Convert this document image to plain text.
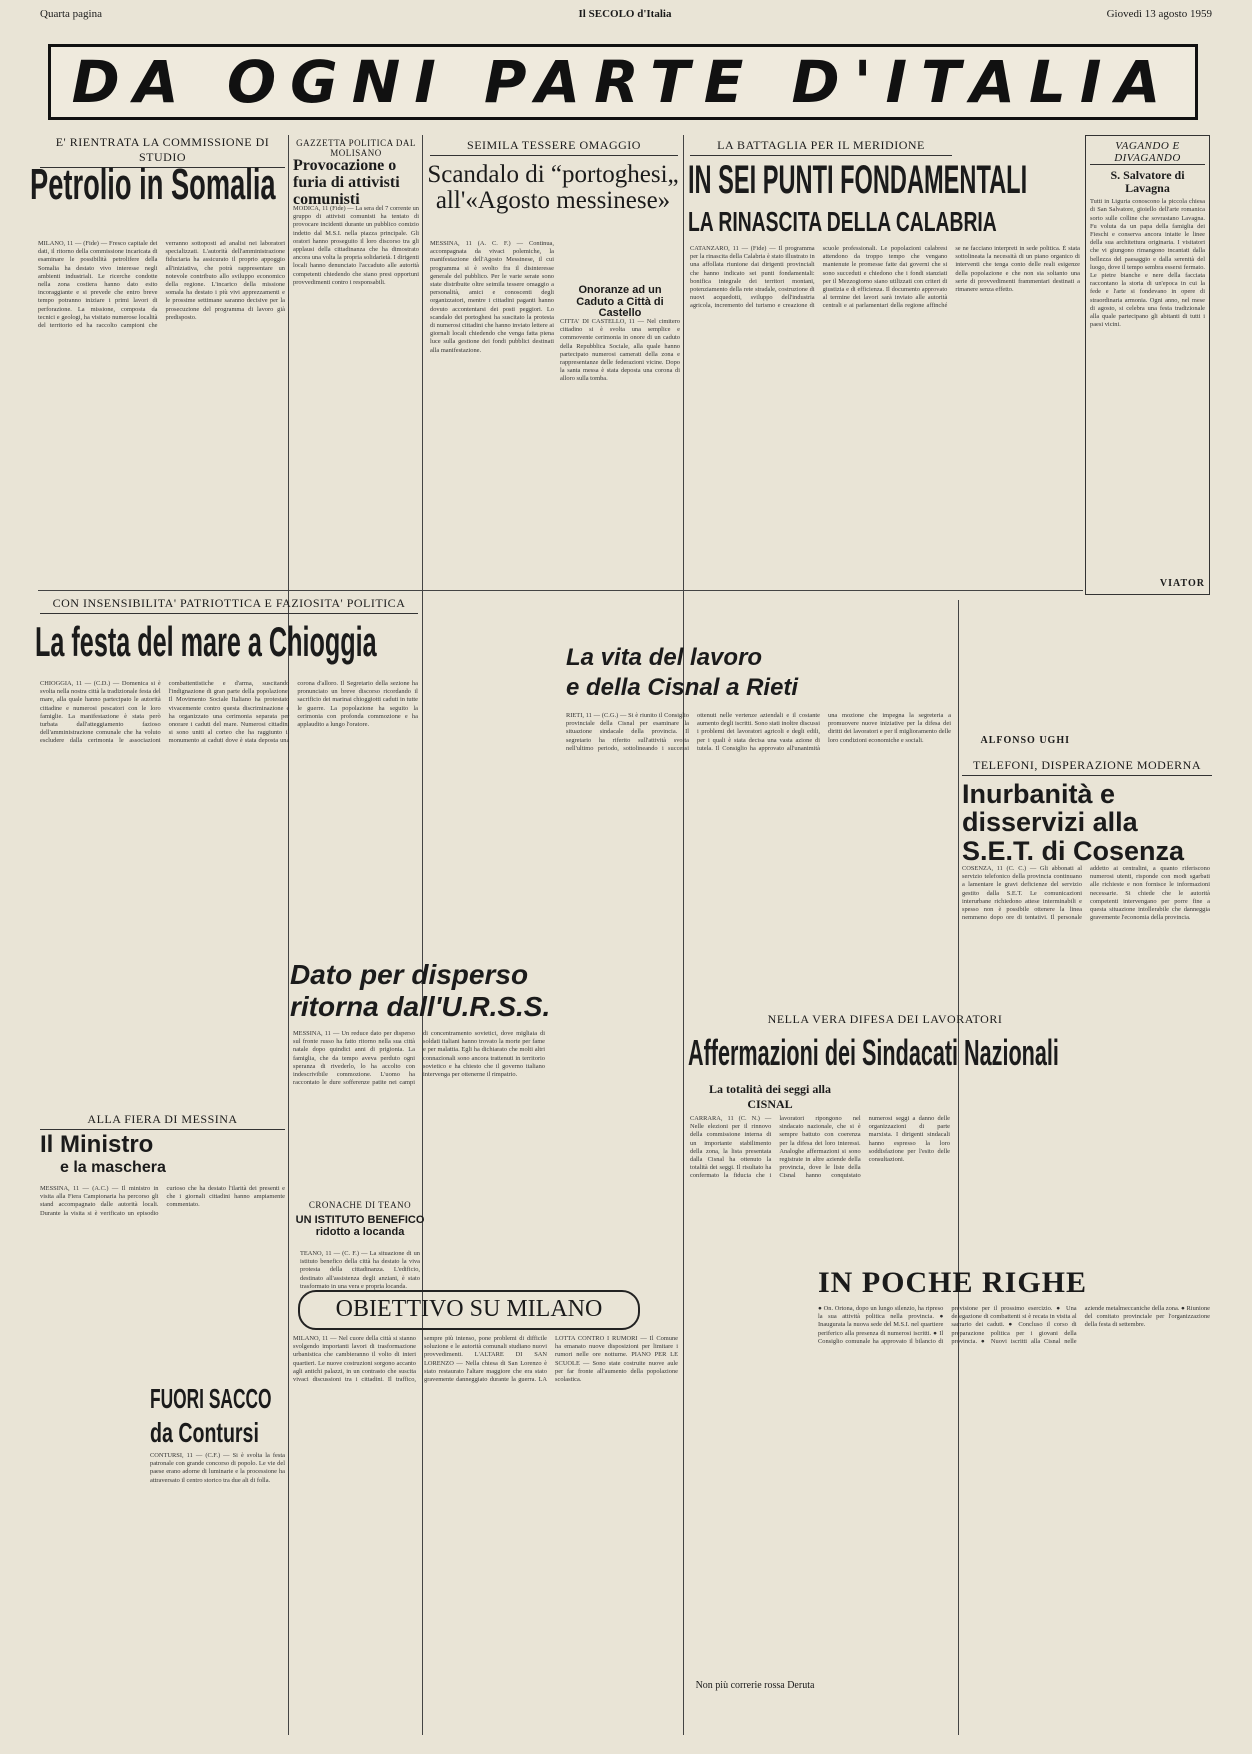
Quarta pagina	Il SECOLO d'Italia	Giovedì 13 agosto 1959
DA OGNI PARTE D'ITALIA
E' RIENTRATA LA COMMISSIONE DI STUDIO
Petrolio in Somalia
MILANO, 11 — (Fide) — Fresco capitale dei dati, il ritorno della commissione incaricata di esaminare le possibilità petrolifere della Somalia ha destato vivo interesse negli ambienti industriali. Le ricerche condotte nella zona costiera hanno dato esito incoraggiante e si prevede che entro breve tempo potranno iniziare i primi lavori di perforazione. La missione, composta da tecnici e geologi, ha visitato numerose località del territorio ed ha raccolto campioni che verranno sottoposti ad analisi nei laboratori specializzati. L'autorità dell'amministrazione fiduciaria ha assicurato il proprio appoggio all'iniziativa, che potrà rappresentare un notevole contributo allo sviluppo economico della regione. L'incarico della missione somala ha destato i più vivi apprezzamenti e le prossime settimane saranno decisive per la prosecuzione del programma di lavoro già predisposto.
GAZZETTA POLITICA DAL MOLISANO
Provocazione o furia di attivisti comunisti
MODICA, 11 (Fide) — La sera del 7 corrente un gruppo di attivisti comunisti ha tentato di provocare incidenti durante un pubblico comizio indetto dal M.S.I. nella piazza principale. Gli oratori hanno proseguito il loro discorso tra gli applausi della cittadinanza che ha dimostrato ancora una volta la propria solidarietà. I dirigenti locali hanno denunciato l'accaduto alle autorità competenti chiedendo che siano presi opportuni provvedimenti contro i responsabili.
SEIMILA TESSERE OMAGGIO
Scandalo di “portoghesi„ all'«Agosto messinese»
MESSINA, 11 (A. C. F.) — Continua, accompagnata da vivaci polemiche, la manifestazione dell'Agosto Messinese, il cui programma si è svolto fra il disinteresse generale del pubblico. Per le varie serate sono state distribuite oltre seimila tessere omaggio a personalità, amici e conoscenti degli organizzatori, mentre i cittadini paganti hanno dovuto accontentarsi dei posti peggiori. Lo scandalo dei portoghesi ha suscitato la protesta di numerosi cittadini che hanno inviato lettere ai giornali locali chiedendo che venga fatta piena luce sulla gestione dei fondi pubblici destinati alla manifestazione.
Onoranze ad un Caduto a Città di Castello
CITTA' DI CASTELLO, 11 — Nel cimitero cittadino si è svolta una semplice e commovente cerimonia in onore di un caduto della Repubblica Sociale, alla quale hanno partecipato numerosi camerati della zona e rappresentanze delle federazioni vicine. Dopo la santa messa è stata deposta una corona di alloro sulla tomba.
LA BATTAGLIA PER IL MERIDIONE
IN SEI PUNTI FONDAMENTALI
LA RINASCITA DELLA CALABRIA
CATANZARO, 11 — (Fide) — Il programma per la rinascita della Calabria è stato illustrato in una affollata riunione dai dirigenti provinciali che hanno indicato sei punti fondamentali: bonifica integrale dei territori montani, potenziamento della rete stradale, costruzione di nuovi acquedotti, sviluppo dell'industria agricola, incremento del turismo e creazione di scuole professionali. Le popolazioni calabresi attendono da troppo tempo che vengano mantenute le promesse fatte dai governi che si sono succeduti e chiedono che i fondi stanziati per il Mezzogiorno siano utilizzati con criteri di giustizia e di efficienza. Il documento approvato al termine dei lavori sarà inviato alle autorità centrali e ai parlamentari della regione affinché se ne facciano interpreti in sede politica. È stata sottolineata la necessità di un piano organico di interventi che tenga conto delle reali esigenze della popolazione e che non sia soltanto una serie di provvedimenti frammentari destinati a rimanere senza effetto.
VAGANDO E DIVAGANDO
S. Salvatore di Lavagna
Tutti in Liguria conoscono la piccola chiesa di San Salvatore, gioiello dell'arte romanica sorto sulle colline che sovrastano Lavagna. Fu voluta da un papa della famiglia dei Fieschi e conserva ancora intatte le linee della sua architettura originaria. I visitatori che vi giungono rimangono incantati dalla bellezza del paesaggio e dalla serenità del luogo, dove il tempo sembra essersi fermato. Le pietre bianche e nere della facciata raccontano la storia di un'epoca in cui la fede e l'arte si fondevano in opere di straordinaria armonia. Ogni anno, nel mese di agosto, si celebra una festa tradizionale alla quale partecipano gli abitanti di tutti i paesi vicini.
VIATOR
ALFONSO UGHI
CON INSENSIBILITA' PATRIOTTICA E FAZIOSITA' POLITICA
La festa del mare a Chioggia
CHIOGGIA, 11 — (C.D.) — Domenica si è svolta nella nostra città la tradizionale festa del mare, alla quale hanno partecipato le autorità cittadine e numerosi pescatori con le loro famiglie. La manifestazione è stata però turbata dall'atteggiamento fazioso dell'amministrazione comunale che ha voluto escludere dalla cerimonia le associazioni combattentistiche e d'arma, suscitando l'indignazione di gran parte della popolazione. Il Movimento Sociale Italiano ha protestato vivacemente contro questa discriminazione e ha organizzato una cerimonia separata per onorare i caduti del mare. Numerosi cittadini si sono uniti al corteo che ha raggiunto il monumento ai caduti dove è stata deposta una corona d'alloro. Il Segretario della sezione ha pronunciato un breve discorso ricordando il sacrificio dei marinai chioggiotti caduti in tutte le guerre. La popolazione ha seguito la cerimonia con profonda commozione e ha applaudito a lungo l'oratore.
La vita del lavoro
e della Cisnal a Rieti
RIETI, 11 — (C.G.) — Si è riunito il Consiglio provinciale della Cisnal per esaminare la situazione sindacale della provincia. Il segretario ha riferito sull'attività svolta nell'ultimo periodo, sottolineando i successi ottenuti nelle vertenze aziendali e il costante aumento degli iscritti. Sono stati inoltre discussi i problemi dei lavoratori agricoli e degli edili, per i quali è stata decisa una vasta azione di tutela. Il Consiglio ha approvato all'unanimità una mozione che impegna la segreteria a promuovere nuove iniziative per la difesa dei diritti dei lavoratori e per il miglioramento delle loro condizioni economiche e sociali.
TELEFONI, DISPERAZIONE MODERNA
Inurbanità e disservizi alla S.E.T. di Cosenza
COSENZA, 11 (C. C.) — Gli abbonati al servizio telefonico della provincia continuano a lamentare le gravi deficienze del servizio gestito dalla S.E.T. Le comunicazioni interurbane richiedono attese interminabili e spesso non è possibile ottenere la linea nemmeno dopo ore di tentativi. Il personale addetto ai centralini, a quanto riferiscono numerosi utenti, risponde con modi sgarbati alle richieste e non fornisce le informazioni necessarie. Si chiede che le autorità competenti intervengano per porre fine a questa situazione intollerabile che danneggia gravemente l'economia della provincia.
Dato per disperso
ritorna dall'U.R.S.S.
MESSINA, 11 — Un reduce dato per disperso sul fronte russo ha fatto ritorno nella sua città natale dopo quindici anni di prigionia. La famiglia, che da tempo aveva perduto ogni speranza di rivederlo, lo ha accolto con indescrivibile commozione. L'uomo ha raccontato le dure sofferenze patite nei campi di concentramento sovietici, dove migliaia di soldati italiani hanno trovato la morte per fame e per malattia. Egli ha dichiarato che molti altri connazionali sono ancora trattenuti in territorio sovietico e ha chiesto che il governo italiano intervenga per ottenerne il rimpatrio.
NELLA VERA DIFESA DEI LAVORATORI
Affermazioni dei Sindacati Nazionali
La totalità dei seggi alla CISNAL
CARRARA, 11 (C. N.) — Nelle elezioni per il rinnovo della commissione interna di un importante stabilimento della zona, la lista presentata dalla Cisnal ha ottenuto la totalità dei seggi. Il risultato ha confermato la fiducia che i lavoratori ripongono nel sindacato nazionale, che si è sempre battuto con coerenza per la difesa dei loro interessi. Analoghe affermazioni si sono registrate in altre aziende della provincia, dove le liste della Cisnal hanno conquistato numerosi seggi a danno delle organizzazioni di parte marxista. I dirigenti sindacali hanno espresso la loro soddisfazione per l'esito delle consultazioni.
ALLA FIERA DI MESSINA
Il Ministro
e la maschera
MESSINA, 11 — (A.C.) — Il ministro in visita alla Fiera Campionaria ha percorso gli stand accompagnato dalle autorità locali. Durante la visita si è verificato un episodio curioso che ha destato l'ilarità dei presenti e che i giornali cittadini hanno ampiamente commentato.	CRONACHE DI TEANO
UN ISTITUTO BENEFICO ridotto a locanda
TEANO, 11 — (C. F.) — La situazione di un istituto benefico della città ha destato la viva protesta della cittadinanza. L'edificio, destinato all'assistenza degli anziani, è stato trasformato in una vera e propria locanda.
OBIETTIVO SU MILANO
MILANO, 11 — Nel cuore della città si stanno svolgendo importanti lavori di trasformazione urbanistica che cambieranno il volto di interi quartieri. Le nuove costruzioni sorgono accanto agli antichi palazzi, in un contrasto che suscita vivaci discussioni tra i cittadini. Il traffico, sempre più intenso, pone problemi di difficile soluzione e le autorità comunali studiano nuovi provvedimenti. L'ALTARE DI SAN LORENZO — Nella chiesa di San Lorenzo è stato restaurato l'altare maggiore che era stato gravemente danneggiato durante la guerra. LA LOTTA CONTRO I RUMORI — Il Comune ha emanato nuove disposizioni per limitare i rumori nelle ore notturne. PIANO PER LE SCUOLE — Sono state costruite nuove aule per far fronte all'aumento della popolazione scolastica.
Non più correrie rossa Deruta
FUORI SACCO
da Contursi
CONTURSI, 11 — (C.F.) — Si è svolta la festa patronale con grande concorso di popolo. Le vie del paese erano adorne di luminarie e la processione ha attraversato il centro storico tra due ali di folla.
IN POCHE RIGHE
● On. Ortona, dopo un lungo silenzio, ha ripreso la sua attività politica nella provincia. ● Inaugurata la nuova sede del M.S.I. nel quartiere periferico alla presenza di numerosi iscritti. ● Il Consiglio comunale ha approvato il bilancio di previsione per il prossimo esercizio. ● Una delegazione di combattenti si è recata in visita al sacrario dei caduti. ● Concluso il corso di preparazione politica per i giovani della provincia. ● Nuovi iscritti alla Cisnal nelle aziende metalmeccaniche della zona. ● Riunione del comitato provinciale per l'organizzazione della festa di settembre.
